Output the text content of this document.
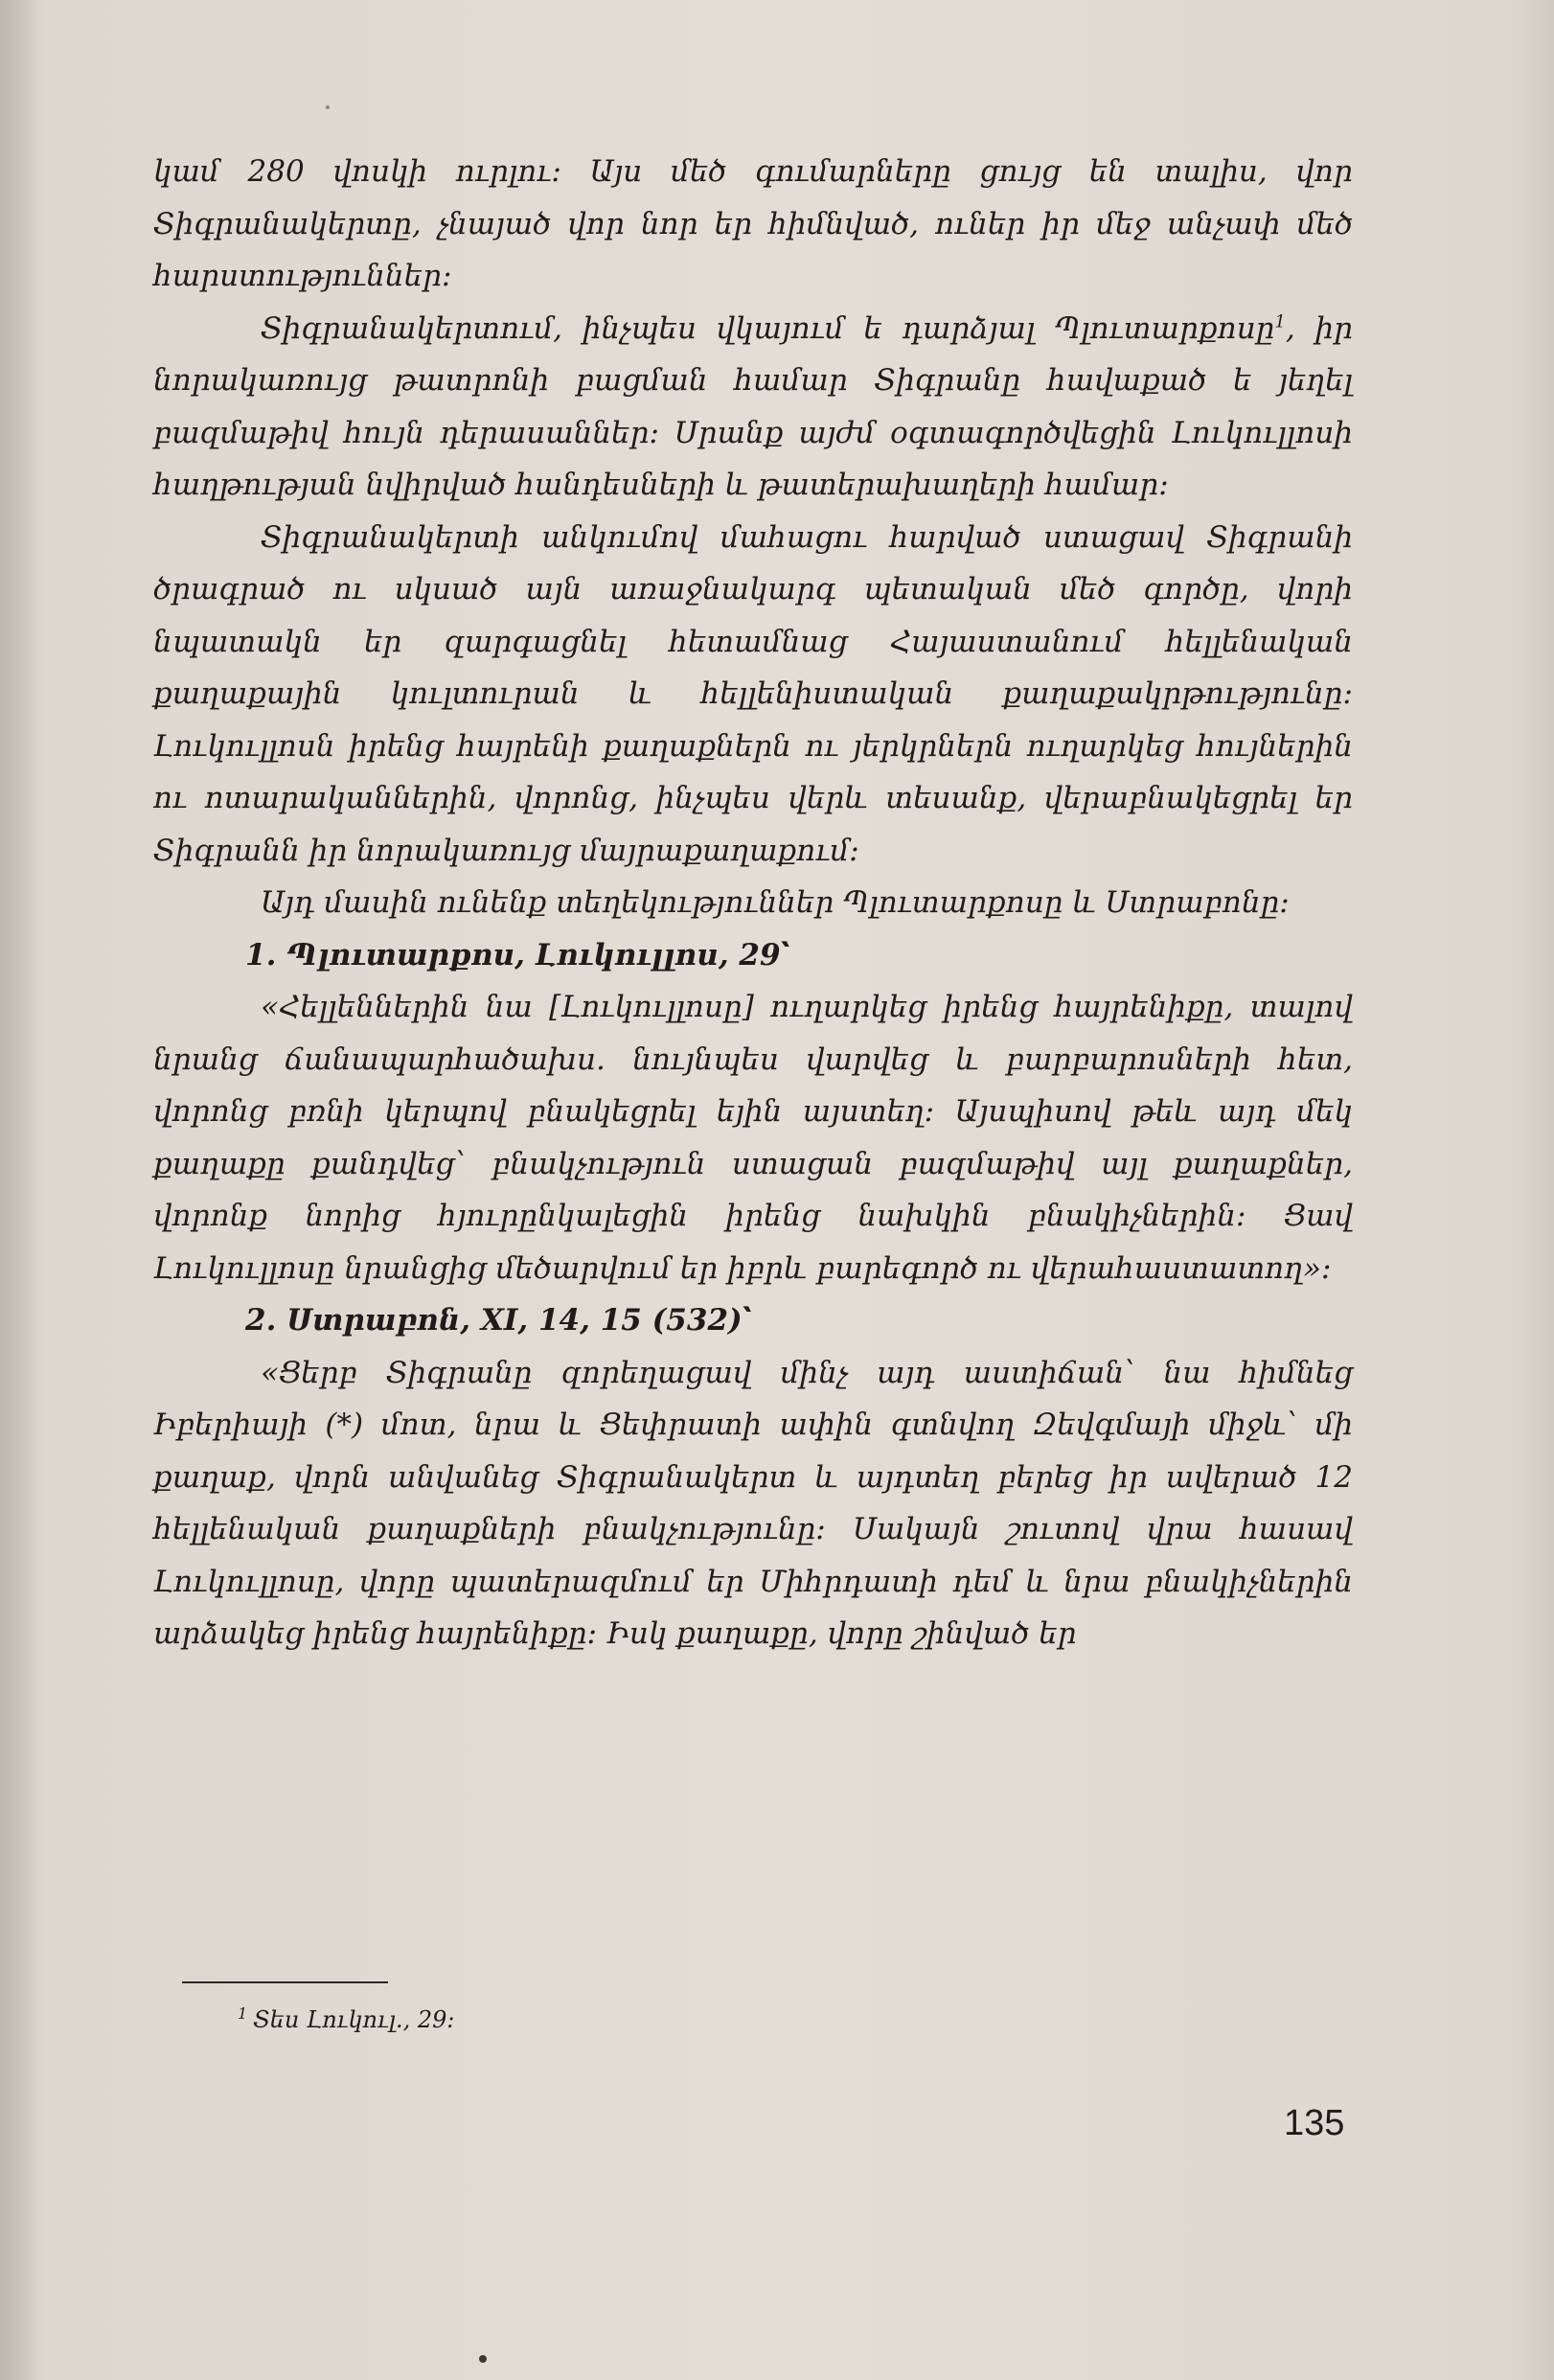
կամ 280 վոսկի ուրլու։ Այս մեծ գումարները ցույց են տալիս, վոր Տիգրանակերտը, չնայած վոր նոր եր հիմնված, ուներ իր մեջ անչափ մեծ հարստություններ։

Տիգրանակերտում, ինչպես վկայում ե դարձյալ Պլուտարքոսը$^1$, իր նորակառույց թատրոնի բացման համար Տիգրանը հավաքած ե յեղել բազմաթիվ հույն դերասաններ։ Սրանք այժմ օգտագործվեցին Լուկուլլոսի հաղթության նվիրված հանդեսների և թատերախաղերի համար։

Տիգրանակերտի անկումով մահացու հարված ստացավ Տիգրանի ծրագրած ու սկսած այն առաջնակարգ պետական մեծ գործը, վորի նպատակն եր զարգացնել հետամնաց Հայաստանում հելլենական քաղաքային կուլտուրան և հելլենիստական քաղաքակրթությունը։ Լուկուլլոսն իրենց հայրենի քաղաքներն ու յերկրներն ուղարկեց հույներին ու ոտարականներին, վորոնց, ինչպես վերև տեսանք, վերաբնակեցրել եր Տիգրանն իր նորակառույց մայրաքաղաքում։

Այդ մասին ունենք տեղեկություններ Պլուտարքոսը և Ստրաբոնը։

1. Պլուտարքոս, Լուկուլլոս, 29՝

«Հելլեններին նա [Լուկուլլոսը] ուղարկեց իրենց հայրենիքը, տալով նրանց ճանապարհածախս. նույնպես վարվեց և բարբարոսների հետ, վորոնց բռնի կերպով բնակեցրել եյին այստեղ։ Այսպիսով թեև այդ մեկ քաղաքը քանդվեց՝ բնակչություն ստացան բազմաթիվ այլ քաղաքներ, վորոնք նորից հյուրընկալեցին իրենց նախկին բնակիչներին։ Ցավ Լուկուլլոսը նրանցից մեծարվում եր իբրև բարեգործ ու վերահաստատող»։

2. Ստրաբոն, XI, 14, 15 (532)՝

«Ցերբ Տիգրանը զորեղացավ մինչ այդ աստիճան՝ նա հիմնեց Իբերիայի (*) մոտ, նրա և Ցեփրատի ափին գտնվող Զեվգմայի միջև՝ մի քաղաք, վորն անվանեց Տիգրանակերտ և այդտեղ բերեց իր ավերած 12 հելլենական քաղաքների բնակչությունը։ Սակայն շուտով վրա հասավ Լուկուլլոսը, վորը պատերազմում եր Միհրդատի դեմ և նրա բնակիչներին արձակեց իրենց հայրենիքը։ Իսկ քաղաքը, վորը շինված եր

$^1$ Տես Լուկուլ., 29։
135
